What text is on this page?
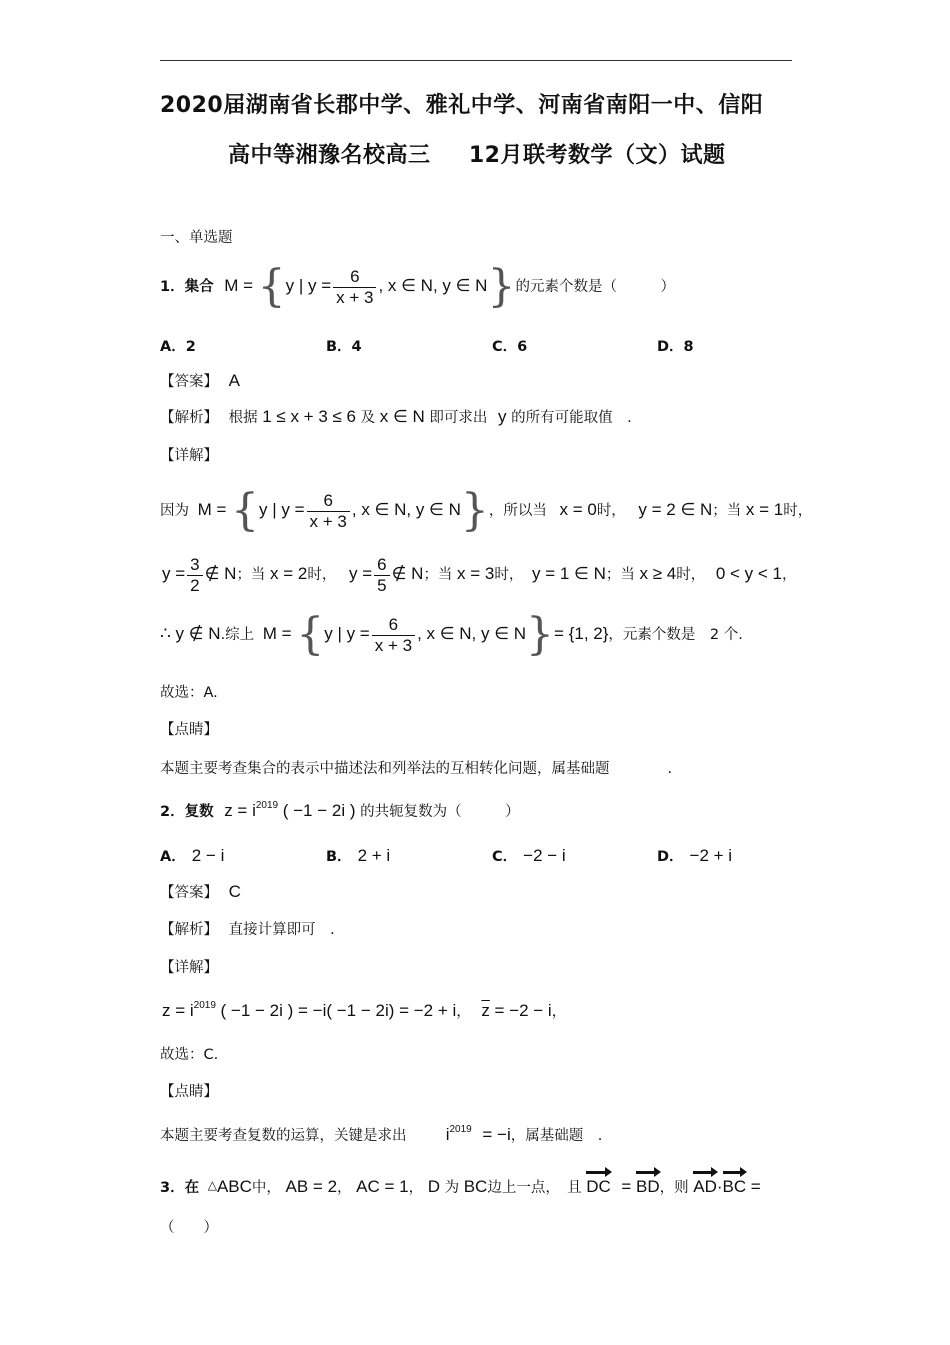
2020届湖南省长郡中学、雅礼中学、河南省南阳一中、信阳
高中等湘豫名校高三 12月联考数学（文）试题
一、单选题
1．集合 M = {y | $y = \frac{6}{x + 3}$ , x ∈ N, y ∈ N}的元素个数是（　　　）
A．2	B．4	C．6	D．8
【答案】 A
【解析】 根据 1 ≤ x + 3 ≤ 6 及 x ∈ N 即可求出 y 的所有可能取值　.
【详解】
因为 M = {y | $y = \frac{6}{x + 3}$ , x ∈ N, y ∈ N}，所以当 x = 0时， y = 2 ∈ N；当 x = 1时，
$y = \frac{3}{2}$ ∉ N；当 x = 2时， $y = \frac{6}{5}$ ∉ N；当 x = 3时， y = 1 ∈ N；当 x ≥ 4时， 0 < y < 1，
∴ y ∉ N.综上 M = {y | $y = \frac{6}{x + 3}$ , x ∈ N, y ∈ N}= {1, 2}，元素个数是　2 个.
故选：A.
【点睛】
本题主要考查集合的表示中描述法和列举法的互相转化问题，属基础题　　　　.
2．复数 $z = i^{2019}$ ( −1 − 2i ) 的共轭复数为（　　　）
A． 2 − i	B． 2 + i	C． −2 − i	D． −2 + i
【答案】 C
【解析】 直接计算即可　.
【详解】
$z = i^{2019}$ ( −1 − 2i ) = −i( −1 − 2i) = −2 + i， $\overline{z} = -2 - i$，
故选：C.
【点睛】
本题主要考查复数的运算，关键是求出 $i^{2019} = -i$，属基础题　.
3．在 △ABC中， AB = 2， AC = 1， D 为 BC边上一点，　且 DC = BD，则 AD·BC =
（　　）
